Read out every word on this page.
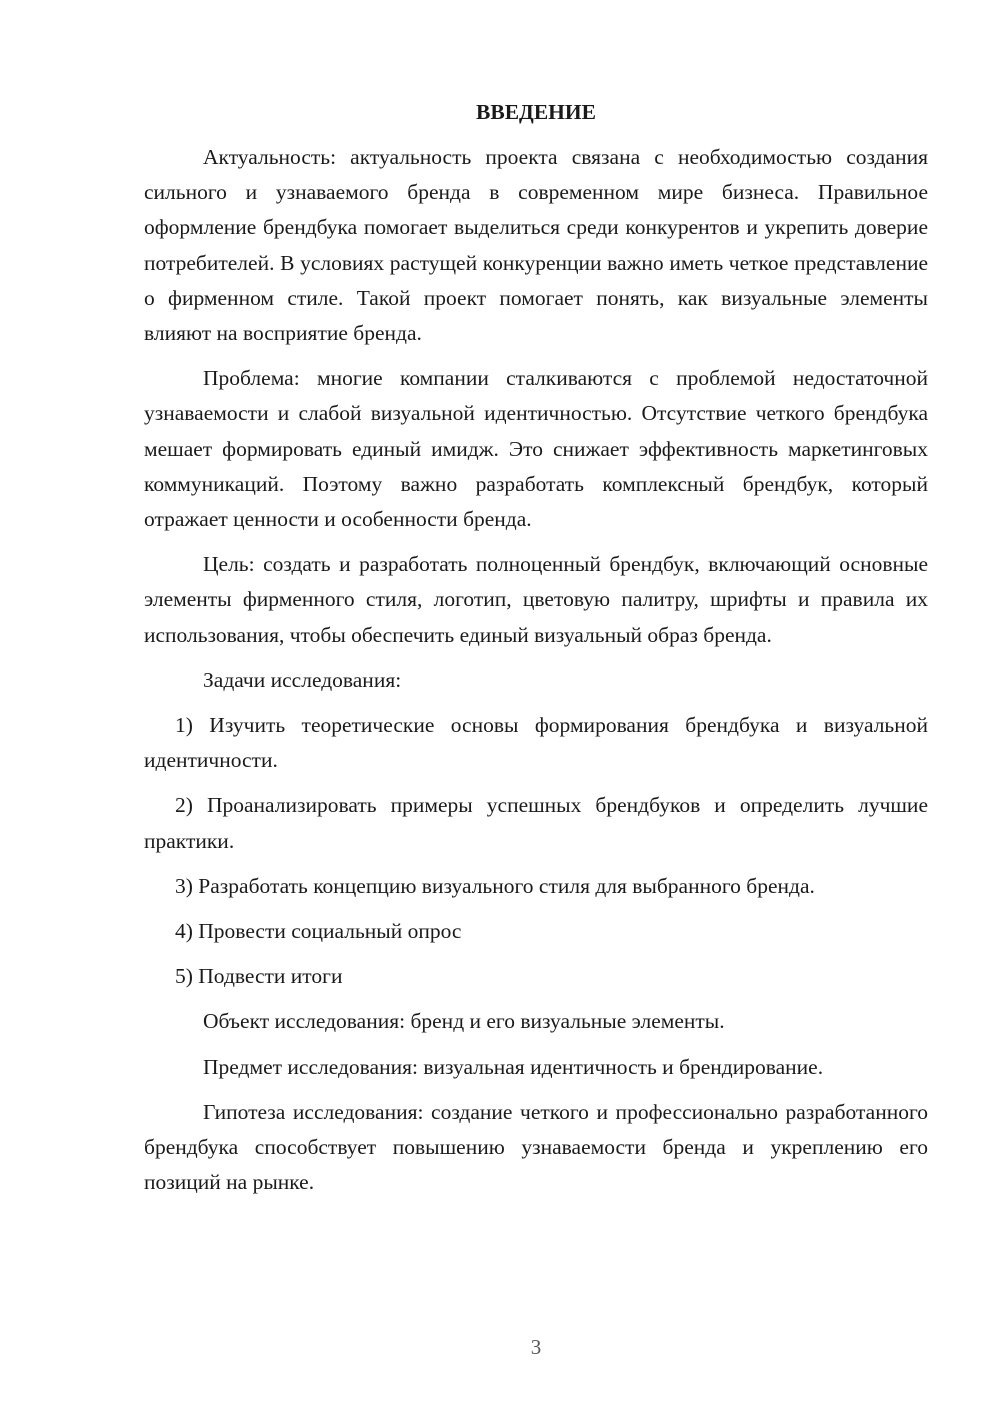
ВВЕДЕНИЕ

Актуальность: актуальность проекта связана с необходимостью создания сильного и узнаваемого бренда в современном мире бизнеса. Правильное оформление брендбука помогает выделиться среди конкурентов и укрепить доверие потребителей. В условиях растущей конкуренции важно иметь четкое представление о фирменном стиле. Такой проект помогает понять, как визуальные элементы влияют на восприятие бренда.

Проблема: многие компании сталкиваются с проблемой недостаточной узнаваемости и слабой визуальной идентичностью. Отсутствие четкого брендбука мешает формировать единый имидж. Это снижает эффективность маркетинговых коммуникаций. Поэтому важно разработать комплексный брендбук, который отражает ценности и особенности бренда.

Цель: создать и разработать полноценный брендбук, включающий основные элементы фирменного стиля, логотип, цветовую палитру, шрифты и правила их использования, чтобы обеспечить единый визуальный образ бренда.

Задачи исследования:

1) Изучить теоретические основы формирования брендбука и визуальной идентичности.

2) Проанализировать примеры успешных брендбуков и определить лучшие практики.

3) Разработать концепцию визуального стиля для выбранного бренда.

4) Провести социальный опрос

5) Подвести итоги

Объект исследования: бренд и его визуальные элементы.

Предмет исследования: визуальная идентичность и брендирование.

Гипотеза исследования: создание четкого и профессионально разработанного брендбука способствует повышению узнаваемости бренда и укреплению его позиций на рынке.

3
